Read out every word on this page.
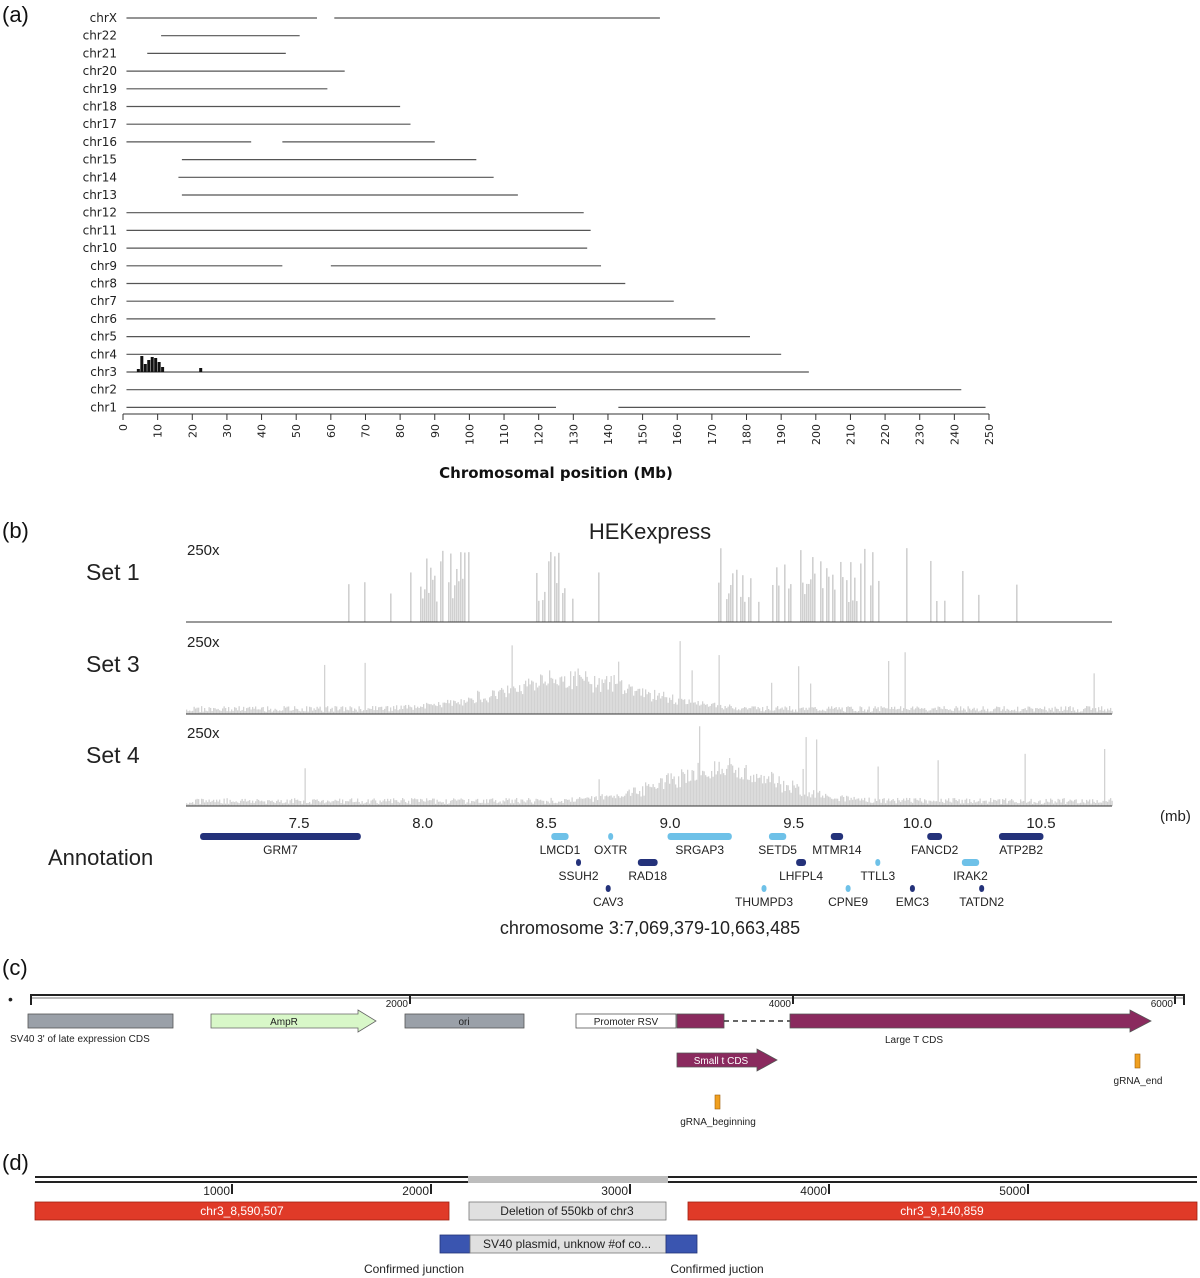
(a)
(b)
(c)
(d)
chrX
chr22
chr21
chr20
chr19
chr18
chr17
chr16
chr15
chr14
chr13
chr12
chr11
chr10
chr9
chr8
chr7
chr6
chr5
chr4
chr3
chr2
chr1
0 10 20 30 40 50 60 70 80 90 100 110 120 130 140 150 160 170 180 190 200 210 220 230 240 250
Chromosomal position (Mb)
HEKexpress
Set 1
250x
Set 3
250x
Set 4
250x
7.5	8.0	8.5	9.0	9.5	10.0	10.5	(mb)
Annotation	GRM7	LMCD1 OXTR	SRGAP3	SETD5 MTMR14	FANCD2	ATP2B2
SSUH2 RAD18	LHFPL4	TTLL3	IRAK2
CAV3	THUMPD3	CPNE9 EMC3	TATDN2
chromosome 3:7,069,379-10,663,485
•	2000	4000	6000
SV40 3' of late expression CDS
AmpR	ori	Promoter RSV
Large T CDS
Small t CDS
gRNA_end
gRNA_beginning
1000	2000	3000	4000	5000
chr3_8,590,507	Deletion of 550kb of chr3	chr3_9,140,859
SV40 plasmid, unknow #of co...
Confirmed junction	Confirmed juction
